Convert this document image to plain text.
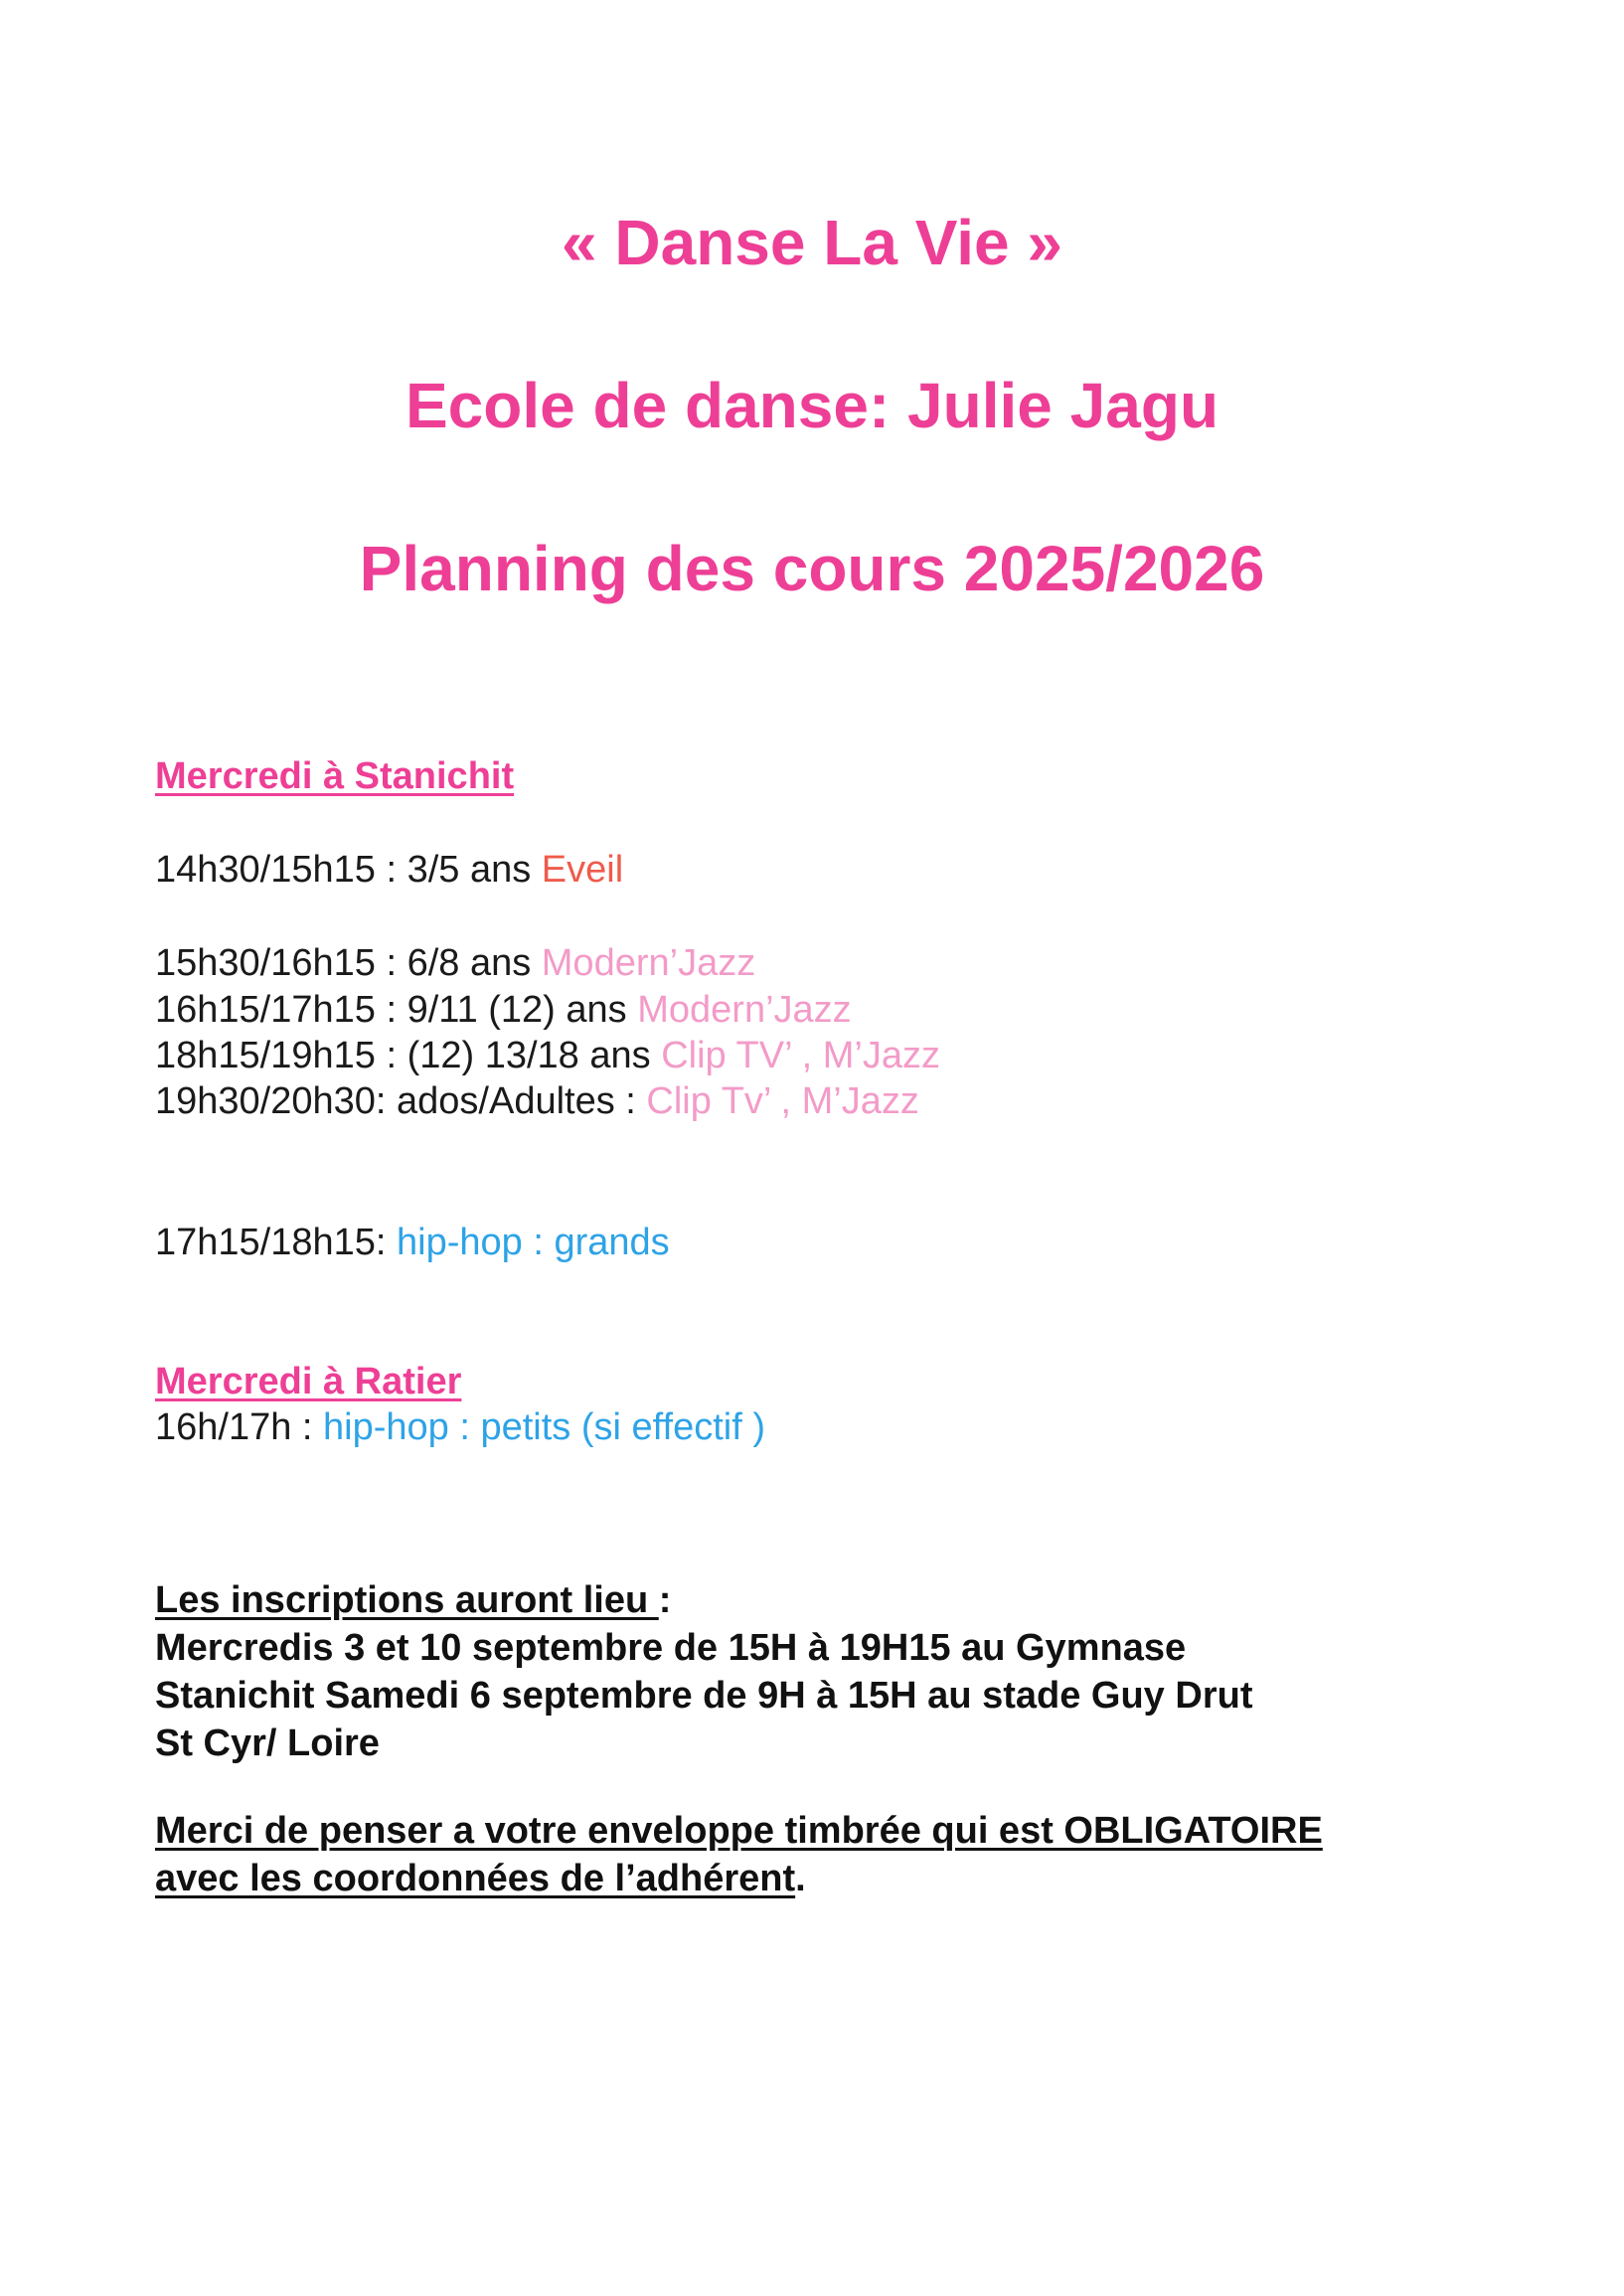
« Danse La Vie »
Ecole de danse: Julie Jagu
Planning des cours 2025/2026

Mercredi à Stanichit

14h30/15h15 : 3/5 ans Eveil

15h30/16h15 : 6/8 ans Modern’Jazz

16h15/17h15 : 9/11 (12) ans Modern’Jazz

18h15/19h15 : (12) 13/18 ans Clip TV’ , M’Jazz

19h30/20h30: ados/Adultes : Clip Tv’ , M’Jazz

17h15/18h15: hip-hop : grands

Mercredi à Ratier

16h/17h : hip-hop : petits (si effectif )

Les inscriptions auront lieu :
Mercredis 3 et 10 septembre de 15H à 19H15 au Gymnase
Stanichit Samedi 6 septembre de 9H à 15H au stade Guy Drut
St Cyr/ Loire
Merci de penser a votre enveloppe timbrée qui est OBLIGATOIRE
avec les coordonnées de l’adhérent.
